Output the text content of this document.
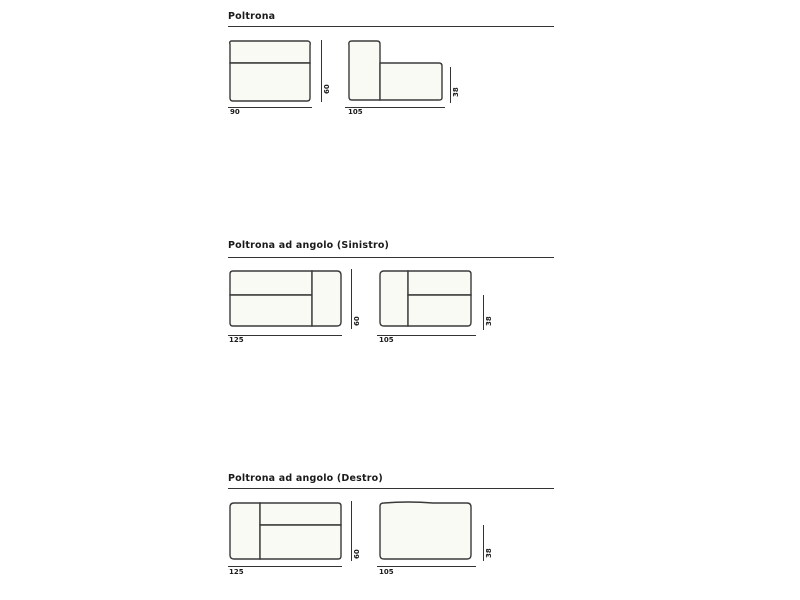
Poltrona
90
60
105
38
Poltrona ad angolo (Sinistro)
125
60
105
38
Poltrona ad angolo (Destro)
125
60
105
38
